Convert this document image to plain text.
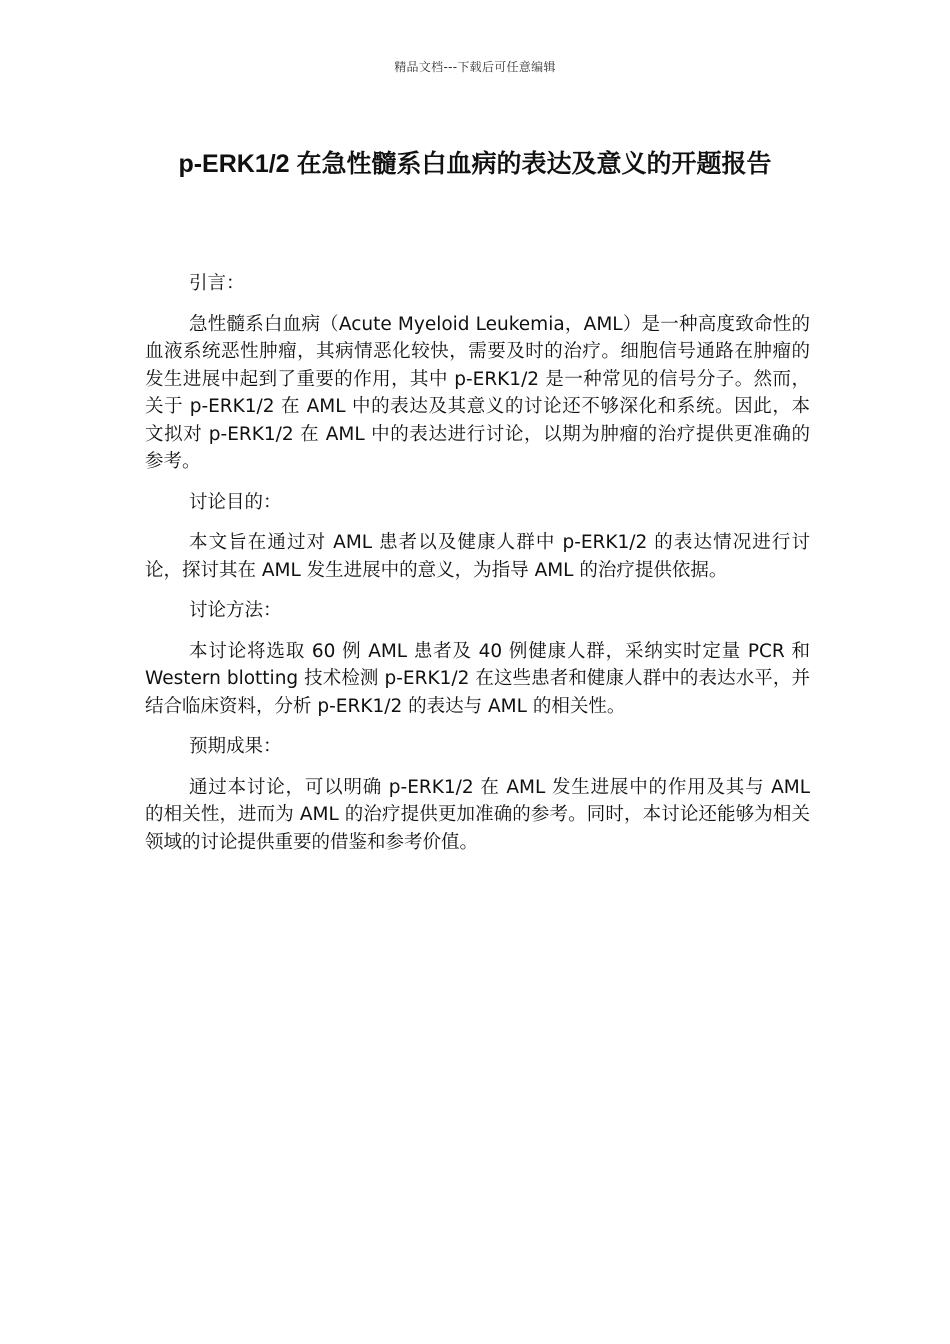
精品文档---下载后可任意编辑
p-ERK1/2 在急性髓系白血病的表达及意义的开题报告

引言：

急性髓系白血病（Acute Myeloid Leukemia，AML）是一种高度致命性的血液系统恶性肿瘤，其病情恶化较快，需要及时的治疗。细胞信号通路在肿瘤的发生进展中起到了重要的作用，其中 p-ERK1/2 是一种常见的信号分子。然而，关于 p-ERK1/2 在 AML 中的表达及其意义的讨论还不够深化和系统。因此，本文拟对 p-ERK1/2 在 AML 中的表达进行讨论，以期为肿瘤的治疗提供更准确的参考。

讨论目的：

本文旨在通过对 AML 患者以及健康人群中 p-ERK1/2 的表达情况进行讨论，探讨其在 AML 发生进展中的意义，为指导 AML 的治疗提供依据。

讨论方法：

本讨论将选取 60 例 AML 患者及 40 例健康人群，采纳实时定量 PCR 和 Western blotting 技术检测 p-ERK1/2 在这些患者和健康人群中的表达水平，并结合临床资料，分析 p-ERK1/2 的表达与 AML 的相关性。

预期成果：

通过本讨论，可以明确 p-ERK1/2 在 AML 发生进展中的作用及其与 AML 的相关性，进而为 AML 的治疗提供更加准确的参考。同时，本讨论还能够为相关领域的讨论提供重要的借鉴和参考价值。
